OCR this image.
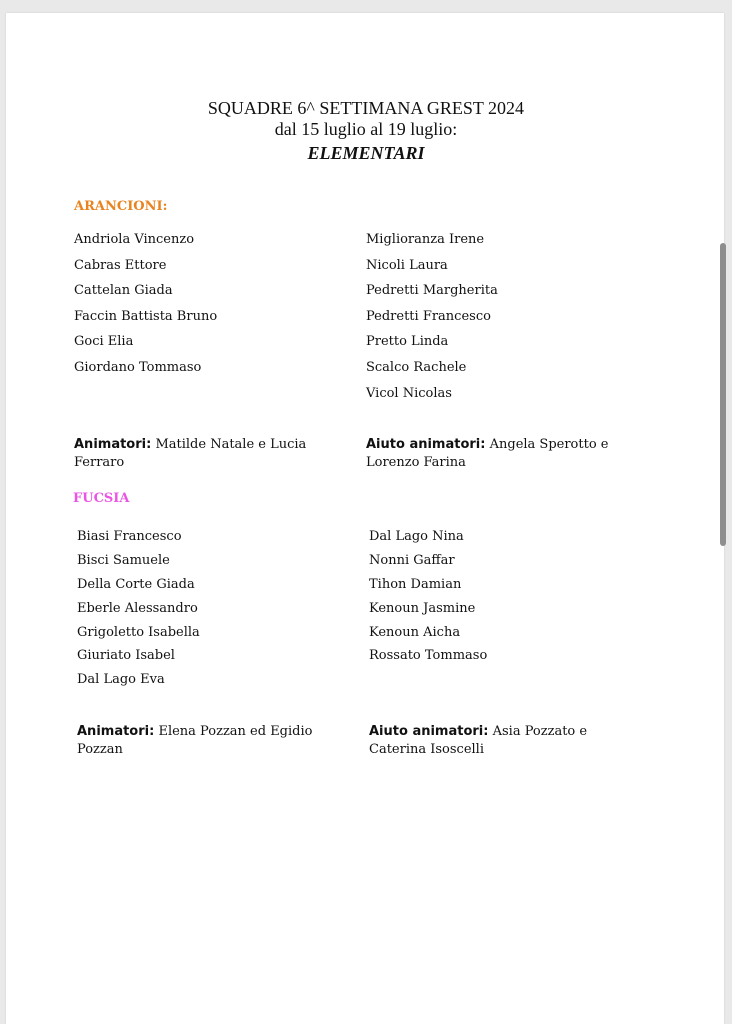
SQUADRE 6^ SETTIMANA GREST 2024
dal 15 luglio al 19 luglio:
ELEMENTARI
ARANCIONI:
Andriola Vincenzo
Cabras Ettore
Cattelan Giada
Faccin Battista Bruno
Goci Elia
Giordano Tommaso
Miglioranza Irene
Nicoli Laura
Pedretti Margherita
Pedretti Francesco
Pretto Linda
Scalco Rachele
Vicol Nicolas
Animatori: Matilde Natale e Lucia Ferraro
Aiuto animatori: Angela Sperotto e Lorenzo Farina
FUCSIA
Biasi Francesco
Bisci Samuele
Della Corte Giada
Eberle Alessandro
Grigoletto Isabella
Giuriato Isabel
Dal Lago Eva
Dal Lago Nina
Nonni Gaffar
Tihon Damian
Kenoun Jasmine
Kenoun Aicha
Rossato Tommaso
Animatori: Elena Pozzan ed Egidio Pozzan
Aiuto animatori: Asia Pozzato e Caterina Isoscelli
